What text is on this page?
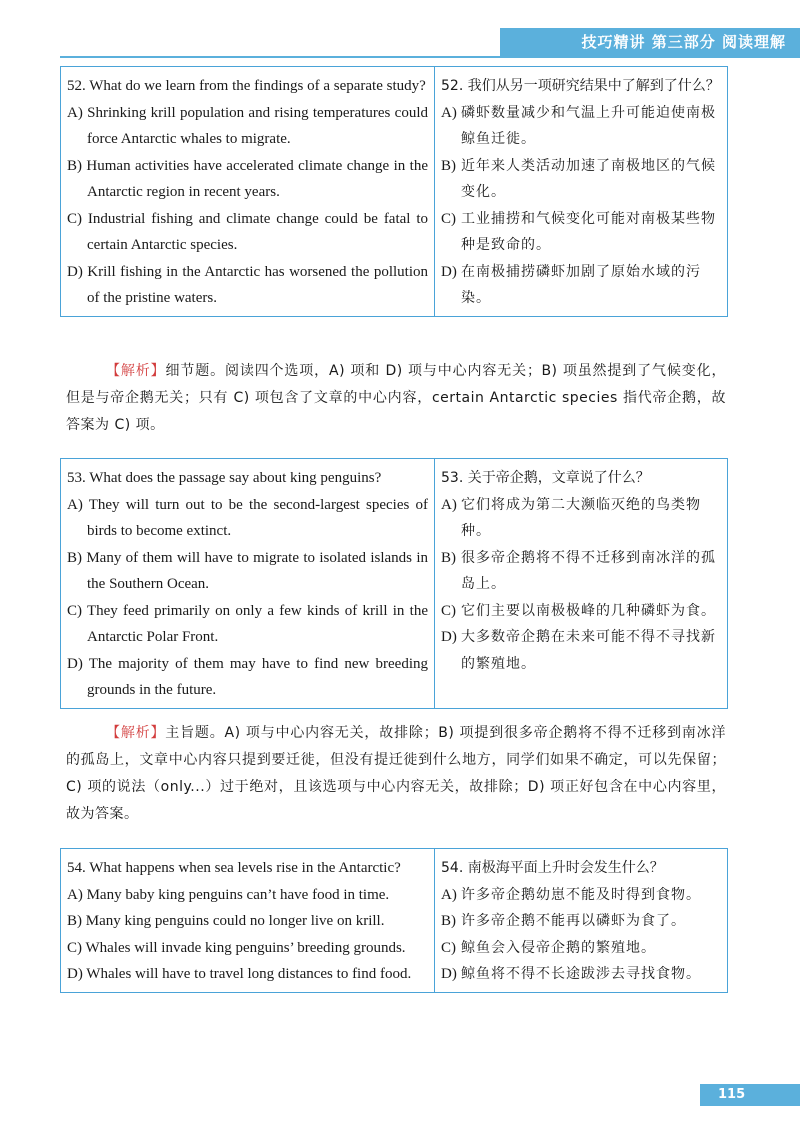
技巧精讲 第三部分 阅读理解
52. What do we learn from the findings of a separate study?
A) Shrinking krill population and rising temperatures could force Antarctic whales to migrate.
B) Human activities have accelerated climate change in the Antarctic region in recent years.
C) Industrial fishing and climate change could be fatal to certain Antarctic species.
D) Krill fishing in the Antarctic has worsened the pollution of the pristine waters.
52. 我们从另一项研究结果中了解到了什么？
A) 磷虾数量减少和气温上升可能迫使南极鲸鱼迁徙。
B) 近年来人类活动加速了南极地区的气候变化。
C) 工业捕捞和气候变化可能对南极某些物种是致命的。
D) 在南极捕捞磷虾加剧了原始水域的污染。
【解析】细节题。阅读四个选项，A) 项和 D) 项与中心内容无关；B) 项虽然提到了气候变化，但是与帝企鹅无关；只有 C) 项包含了文章的中心内容，certain Antarctic species 指代帝企鹅，故答案为 C) 项。
53. What does the passage say about king penguins?
A) They will turn out to be the second-largest species of birds to become extinct.
B) Many of them will have to migrate to isolated islands in the Southern Ocean.
C) They feed primarily on only a few kinds of krill in the Antarctic Polar Front.
D) The majority of them may have to find new breeding grounds in the future.
53. 关于帝企鹅，文章说了什么？
A) 它们将成为第二大濒临灭绝的鸟类物种。
B) 很多帝企鹅将不得不迁移到南冰洋的孤岛上。
C) 它们主要以南极极峰的几种磷虾为食。
D) 大多数帝企鹅在未来可能不得不寻找新的繁殖地。
【解析】主旨题。A) 项与中心内容无关，故排除；B) 项提到很多帝企鹅将不得不迁移到南冰洋的孤岛上，文章中心内容只提到要迁徙，但没有提迁徙到什么地方，同学们如果不确定，可以先保留；C) 项的说法（only...）过于绝对，且该选项与中心内容无关，故排除；D) 项正好包含在中心内容里，故为答案。
54. What happens when sea levels rise in the Antarctic?
A) Many baby king penguins can’t have food in time.
B) Many king penguins could no longer live on krill.
C) Whales will invade king penguins’ breeding grounds.
D) Whales will have to travel long distances to find food.
54. 南极海平面上升时会发生什么？
A) 许多帝企鹅幼崽不能及时得到食物。
B) 许多帝企鹅不能再以磷虾为食了。
C) 鲸鱼会入侵帝企鹅的繁殖地。
D) 鲸鱼将不得不长途跋涉去寻找食物。
115
